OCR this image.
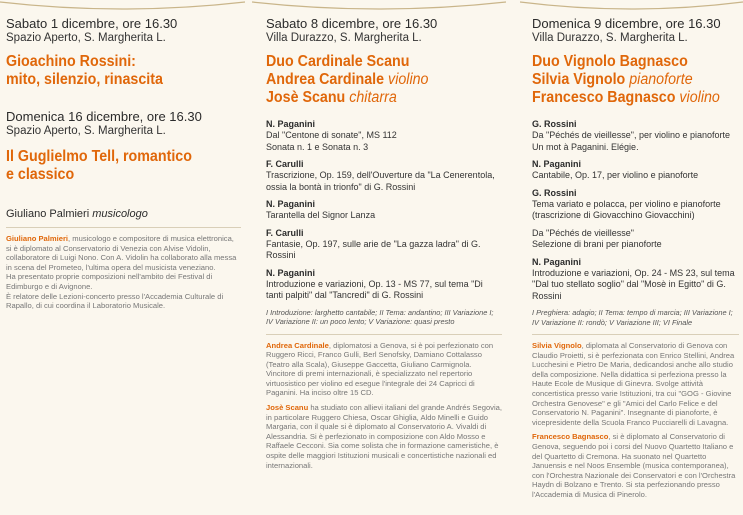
Sabato 1 dicembre, ore 16.30
Spazio Aperto, S. Margherita L.
Gioachino Rossini:
mito, silenzio, rinascita
Domenica 16 dicembre, ore 16.30
Spazio Aperto, S. Margherita L.
Il Guglielmo Tell, romantico
e classico
Giuliano Palmieri musicologo
Giuliano Palmieri, musicologo e compositore di musica elettronica, si è diplomato al Conservatorio di Venezia con Alvise Vidolin, collaboratore di Luigi Nono. Con A. Vidolin ha collaborato alla messa in scena del Prometeo, l'ultima opera del musicista veneziano.
Ha presentato proprie composizioni nell'ambito dei Festival di Edimburgo e di Avignone.
È relatore delle Lezioni-concerto presso l'Accademia Culturale di Rapallo, di cui coordina il Laboratorio Musicale.
Sabato 8 dicembre, ore 16.30
Villa Durazzo, S. Margherita L.
Duo Cardinale Scanu
Andrea Cardinale violino
Josè Scanu chitarra
N. Paganini
Dal "Centone di sonate", MS 112
Sonata n. 1 e Sonata n. 3
F. Carulli
Trascrizione, Op. 159, dell'Ouverture da "La Cenerentola, ossia la bontà in trionfo" di G. Rossini
N. Paganini
Tarantella del Signor Lanza
F. Carulli
Fantasie, Op. 197, sulle arie de "La gazza ladra" di G. Rossini
N. Paganini
Introduzione e variazioni, Op. 13 - MS 77, sul tema "Di tanti palpiti" dal "Tancredi" di G. Rossini
I Introduzione: larghetto cantabile; II Tema: andantino; III Variazione I; IV Variazione II: un poco lento; V Variazione: quasi presto
Andrea Cardinale, diplomatosi a Genova, si è poi perfezionato con Ruggero Ricci, Franco Gulli, Berl Senofsky, Damiano Cottalasso (Teatro alla Scala), Giuseppe Gaccetta, Giuliano Carmignola. Vincitore di premi internazionali, è specializzato nel repertorio virtuosistico per violino ed esegue l'integrale dei 24 Capricci di Paganini. Ha inciso oltre 15 CD.
Josè Scanu ha studiato con allievi italiani del grande Andrés Segovia, in particolare Ruggero Chiesa, Oscar Ghiglia, Aldo Minelli e Guido Margaria, con il quale si è diplomato al Conservatorio A. Vivaldi di Alessandria. Si è perfezionato in composizione con Aldo Mosso e Raffaele Cecconi. Sia come solista che in formazione cameristiche, è ospite delle maggiori Istituzioni musicali e concertistiche nazionali ed internazionali.
Domenica 9 dicembre, ore 16.30
Villa Durazzo, S. Margherita L.
Duo Vignolo Bagnasco
Silvia Vignolo pianoforte
Francesco Bagnasco violino
G. Rossini
Da "Péchés de vieillesse", per violino e pianoforte
Un mot à Paganini. Elégie.
N. Paganini
Cantabile, Op. 17, per violino e pianoforte
G. Rossini
Tema variato e polacca, per violino e pianoforte (trascrizione di Giovacchino Giovacchini)
Da "Péchés de vieillesse"
Selezione di brani per pianoforte
N. Paganini
Introduzione e variazioni, Op. 24 - MS 23, sul tema "Dal tuo stellato soglio" dal "Mosè in Egitto" di G. Rossini
I Preghiera: adagio; II Tema: tempo di marcia; III Variazione I; IV Variazione II: rondò; V Variazione III; VI Finale
Silvia Vignolo, diplomata al Conservatorio di Genova con Claudio Proietti, si è perfezionata con Enrico Stellini, Andrea Lucchesini e Pietro De Maria, dedicandosi anche allo studio della composizione. Nella didattica si perfeziona presso la Haute Ecole de Musique di Ginevra. Svolge attività concertistica presso varie Istituzioni, tra cui "GOG - Giovine Orchestra Genovese" e gli "Amici del Carlo Felice e del Conservatorio N. Paganini". Insegnante di pianoforte, è vicepresidente della Scuola Franco Pucciarelli di Lavagna.
Francesco Bagnasco, si è diplomato al Conservatorio di Genova, seguendo poi i corsi del Nuovo Quartetto Italiano e del Quartetto di Cremona. Ha suonato nel Quartetto Januensis e nel Noos Ensemble (musica contemporanea), con l'Orchestra Nazionale dei Conservatori e con l'Orchestra Haydn di Bolzano e Trento. Si sta perfezionando presso l'Accademia di Musica di Pinerolo.
